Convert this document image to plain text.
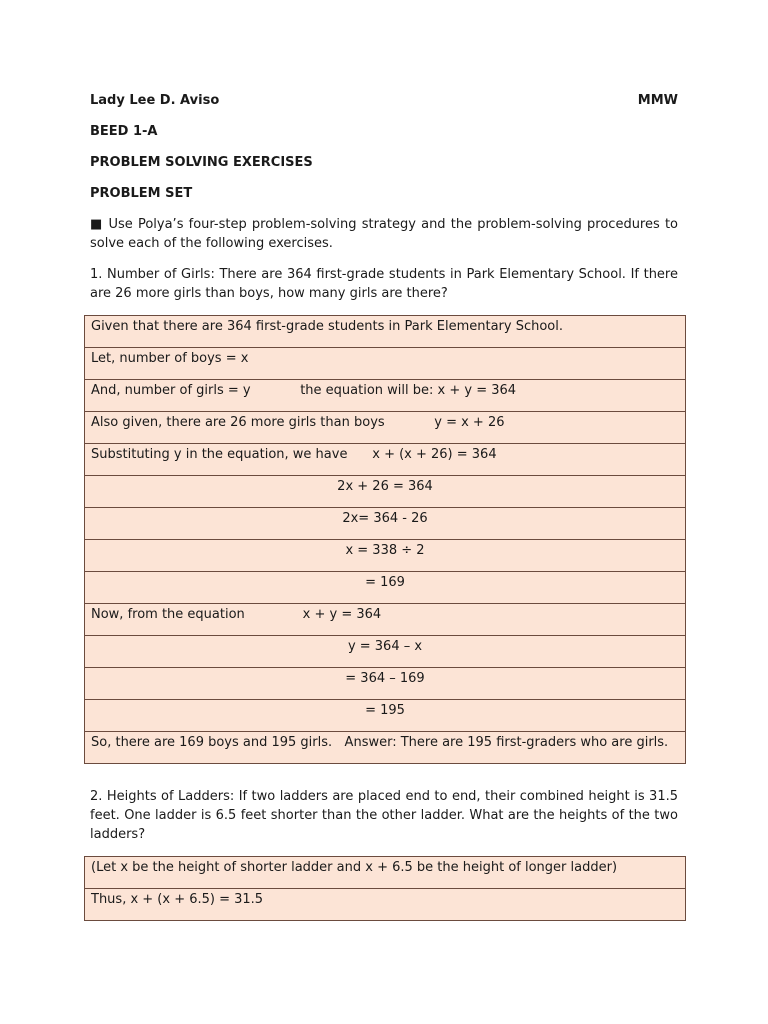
Lady Lee D. Aviso	MMW
BEED 1-A
PROBLEM SOLVING EXERCISES
PROBLEM SET
■ Use Polya’s four-step problem-solving strategy and the problem-solving procedures to solve each of the following exercises.
1. Number of Girls: There are 364 first-grade students in Park Elementary School. If there are 26 more girls than boys, how many girls are there?
Given that there are 364 first-grade students in Park Elementary School.
Let, number of boys = x
And, number of girls = y            the equation will be: x + y = 364
Also given, there are 26 more girls than boys            y = x + 26
Substituting y in the equation, we have      x + (x + 26) = 364
2x + 26 = 364
2x= 364 - 26
x = 338 ÷ 2
= 169
Now, from the equation              x + y = 364
y = 364 – x
= 364 – 169
= 195
So, there are 169 boys and 195 girls.   Answer: There are 195 first-graders who are girls.
2. Heights of Ladders: If two ladders are placed end to end, their combined height is 31.5 feet. One ladder is 6.5 feet shorter than the other ladder. What are the heights of the two ladders?
(Let x be the height of shorter ladder and x + 6.5 be the height of longer ladder)
Thus, x + (x + 6.5) = 31.5
